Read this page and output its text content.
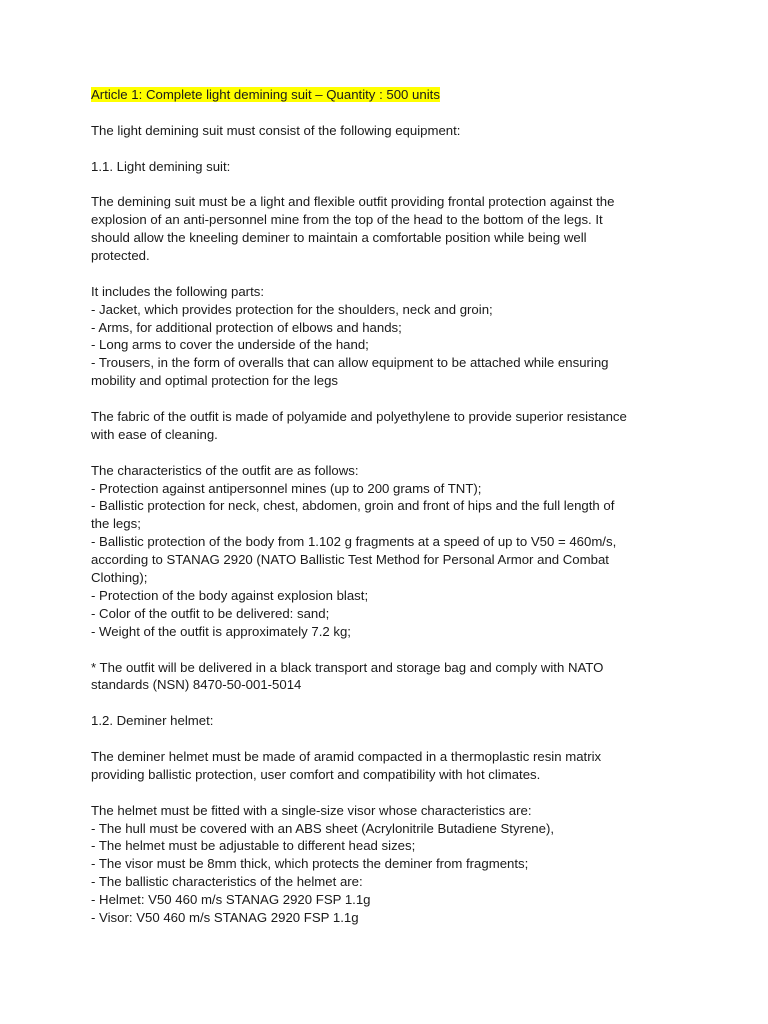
Article 1: Complete light demining suit – Quantity : 500 units
The light demining suit must consist of the following equipment:
1.1. Light demining suit:
The demining suit must be a light and flexible outfit providing frontal protection against the
explosion of an anti-personnel mine from the top of the head to the bottom of the legs. It
should allow the kneeling deminer to maintain a comfortable position while being well
protected.
It includes the following parts:
- Jacket, which provides protection for the shoulders, neck and groin;
- Arms, for additional protection of elbows and hands;
- Long arms to cover the underside of the hand;
- Trousers, in the form of overalls that can allow equipment to be attached while ensuring
mobility and optimal protection for the legs
The fabric of the outfit is made of polyamide and polyethylene to provide superior resistance
with ease of cleaning.
The characteristics of the outfit are as follows:
- Protection against antipersonnel mines (up to 200 grams of TNT);
- Ballistic protection for neck, chest, abdomen, groin and front of hips and the full length of
the legs;
- Ballistic protection of the body from 1.102 g fragments at a speed of up to V50 = 460m/s,
according to STANAG 2920 (NATO Ballistic Test Method for Personal Armor and Combat
Clothing);
- Protection of the body against explosion blast;
- Color of the outfit to be delivered: sand;
- Weight of the outfit is approximately 7.2 kg;
* The outfit will be delivered in a black transport and storage bag and comply with NATO
standards (NSN) 8470-50-001-5014
1.2. Deminer helmet:
The deminer helmet must be made of aramid compacted in a thermoplastic resin matrix
providing ballistic protection, user comfort and compatibility with hot climates.
The helmet must be fitted with a single-size visor whose characteristics are:
- The hull must be covered with an ABS sheet (Acrylonitrile Butadiene Styrene),
- The helmet must be adjustable to different head sizes;
- The visor must be 8mm thick, which protects the deminer from fragments;
- The ballistic characteristics of the helmet are:
- Helmet: V50 460 m/s STANAG 2920 FSP 1.1g
- Visor: V50 460 m/s STANAG 2920 FSP 1.1g
